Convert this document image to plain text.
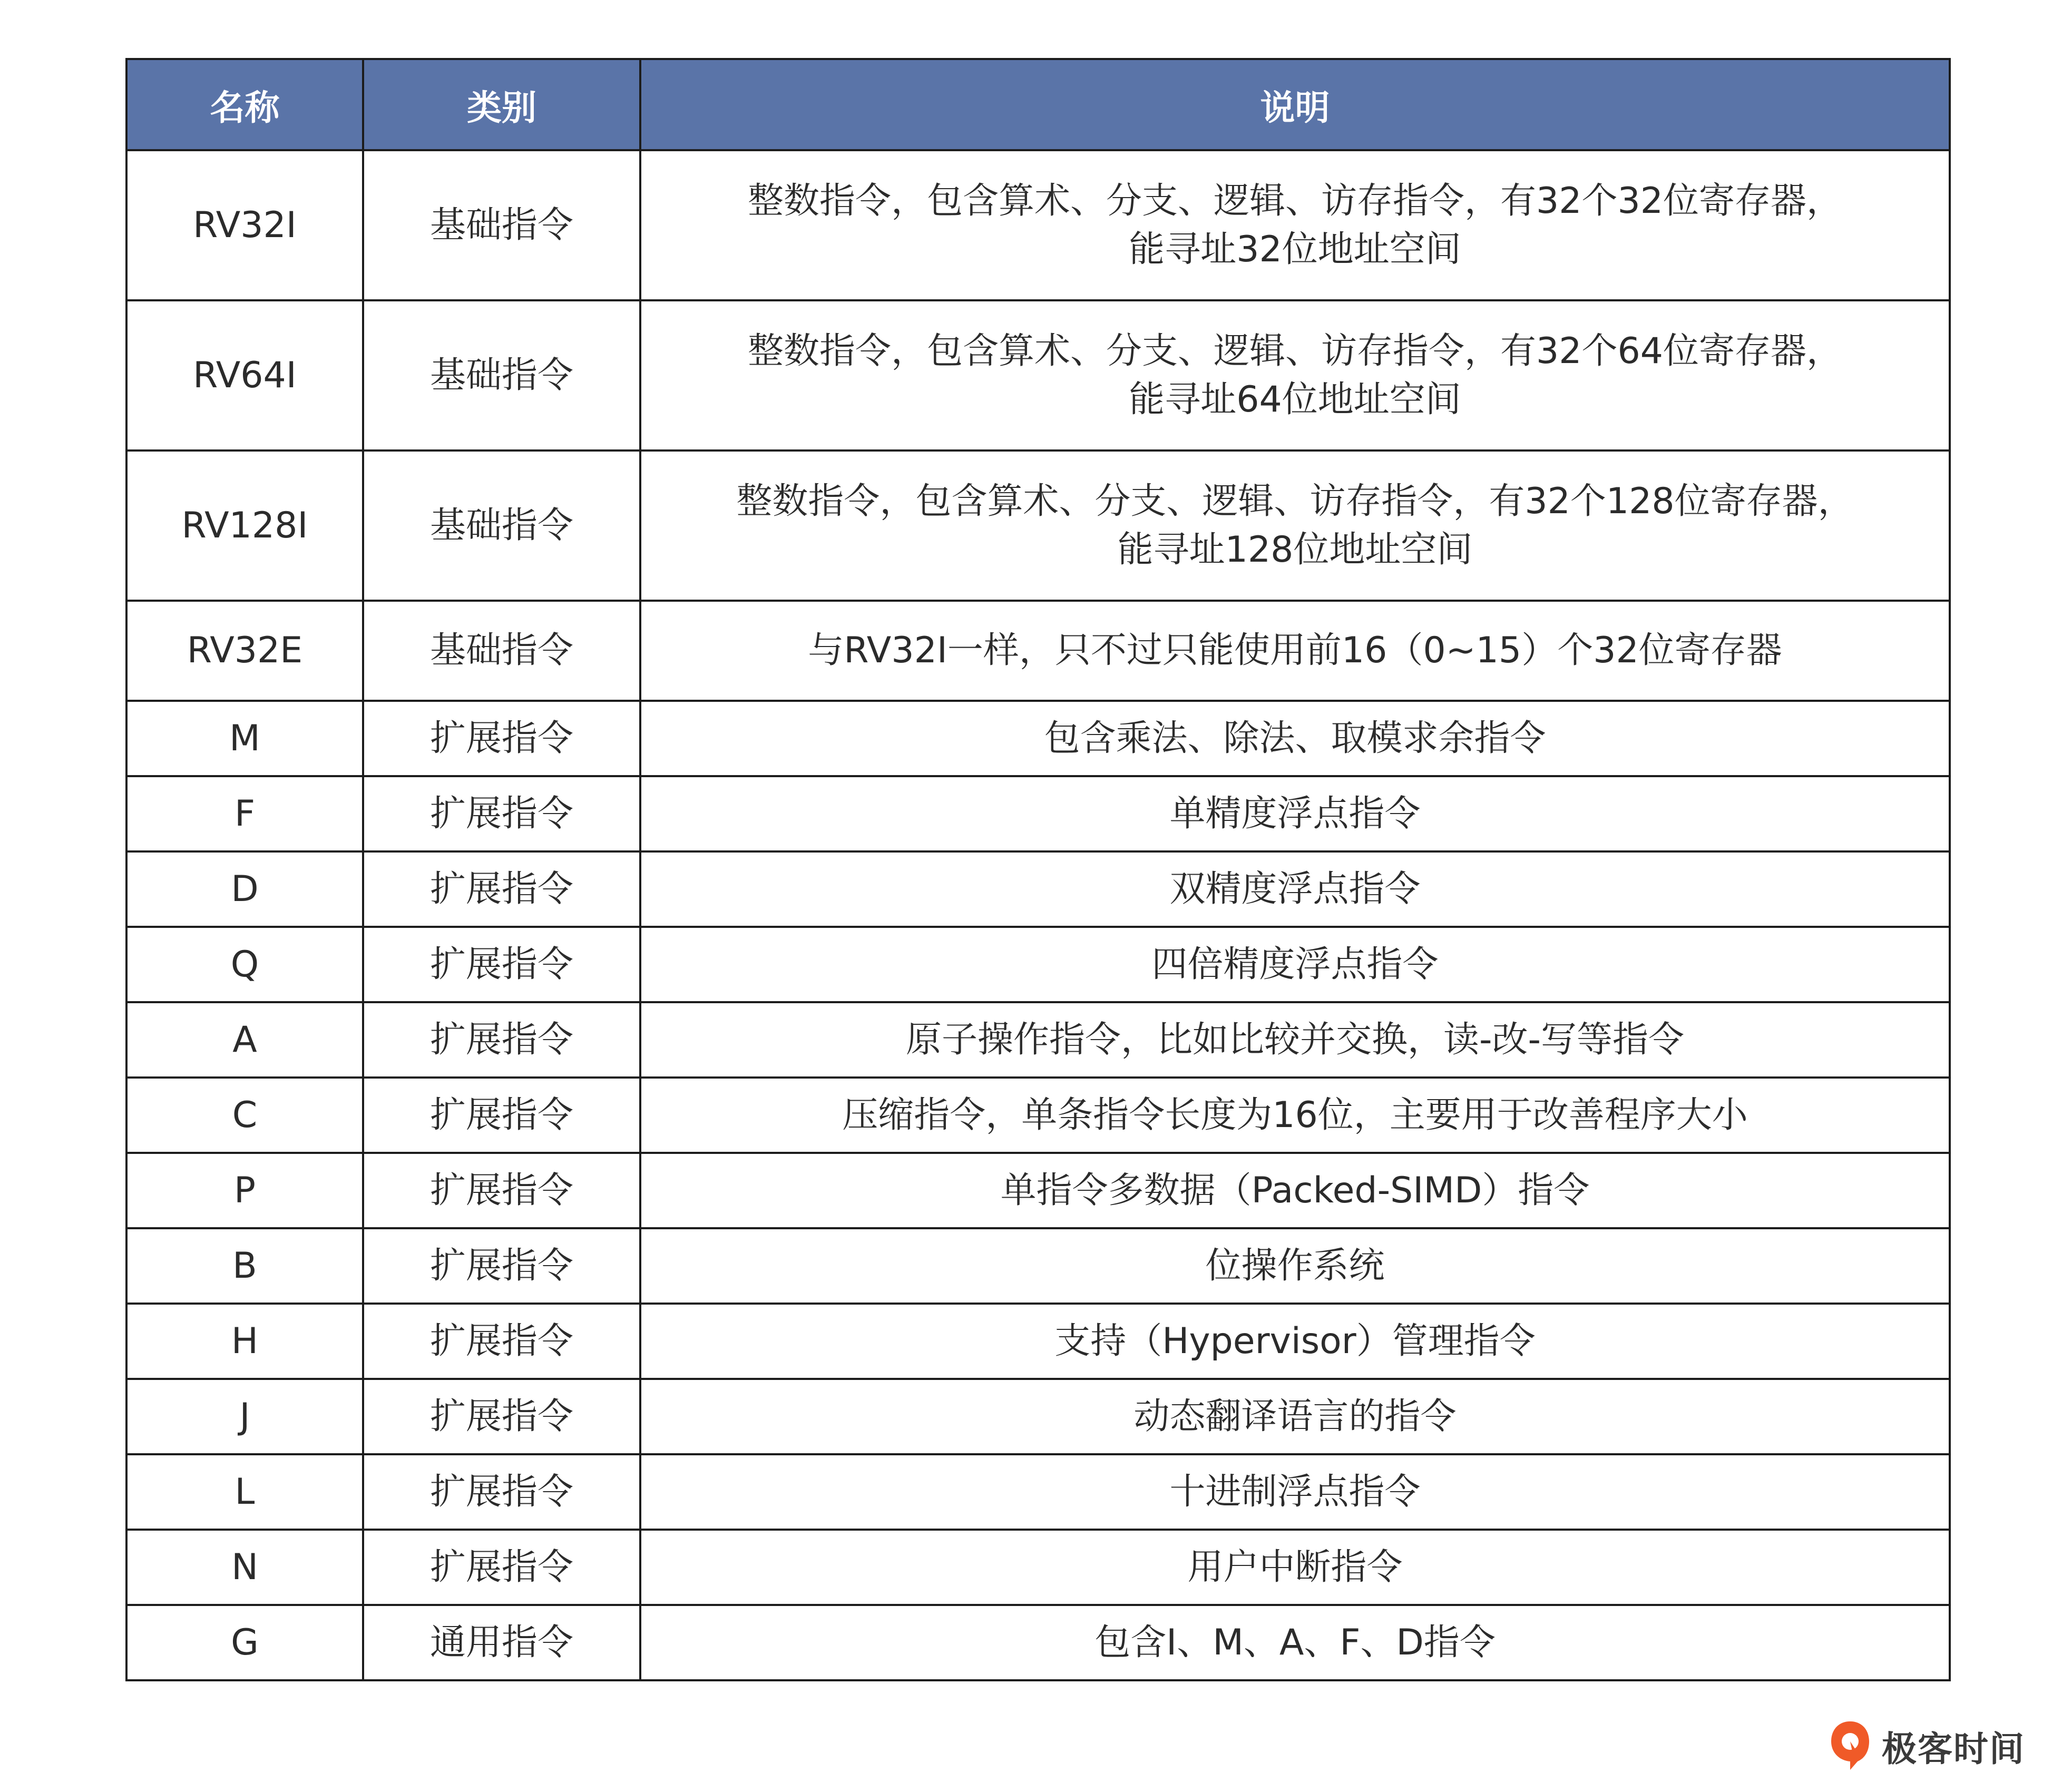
名称	类别	说明
RV32I	基础指令	整数指令，包含算术、分支、逻辑、访存指令，有32个32位寄存器，
能寻址32位地址空间

RV64I	基础指令	整数指令，包含算术、分支、逻辑、访存指令，有32个64位寄存器，
能寻址64位地址空间

RV128I	基础指令	整数指令，包含算术、分支、逻辑、访存指令，有32个128位寄存器，
能寻址128位地址空间

RV32E	基础指令	与RV32I一样，只不过只能使用前16（0~15）个32位寄存器

M	扩展指令	包含乘法、除法、取模求余指令

F	扩展指令	单精度浮点指令

D	扩展指令	双精度浮点指令

Q	扩展指令	四倍精度浮点指令

A	扩展指令	原子操作指令，比如比较并交换，读-改-写等指令

C	扩展指令	压缩指令，单条指令长度为16位，主要用于改善程序大小

P	扩展指令	单指令多数据（Packed-SIMD）指令

B	扩展指令	位操作系统

H	扩展指令	支持（Hypervisor）管理指令

J	扩展指令	动态翻译语言的指令

L	扩展指令	十进制浮点指令

N	扩展指令	用户中断指令

G	通用指令	包含I、M、A、F、D指令
极客时间
